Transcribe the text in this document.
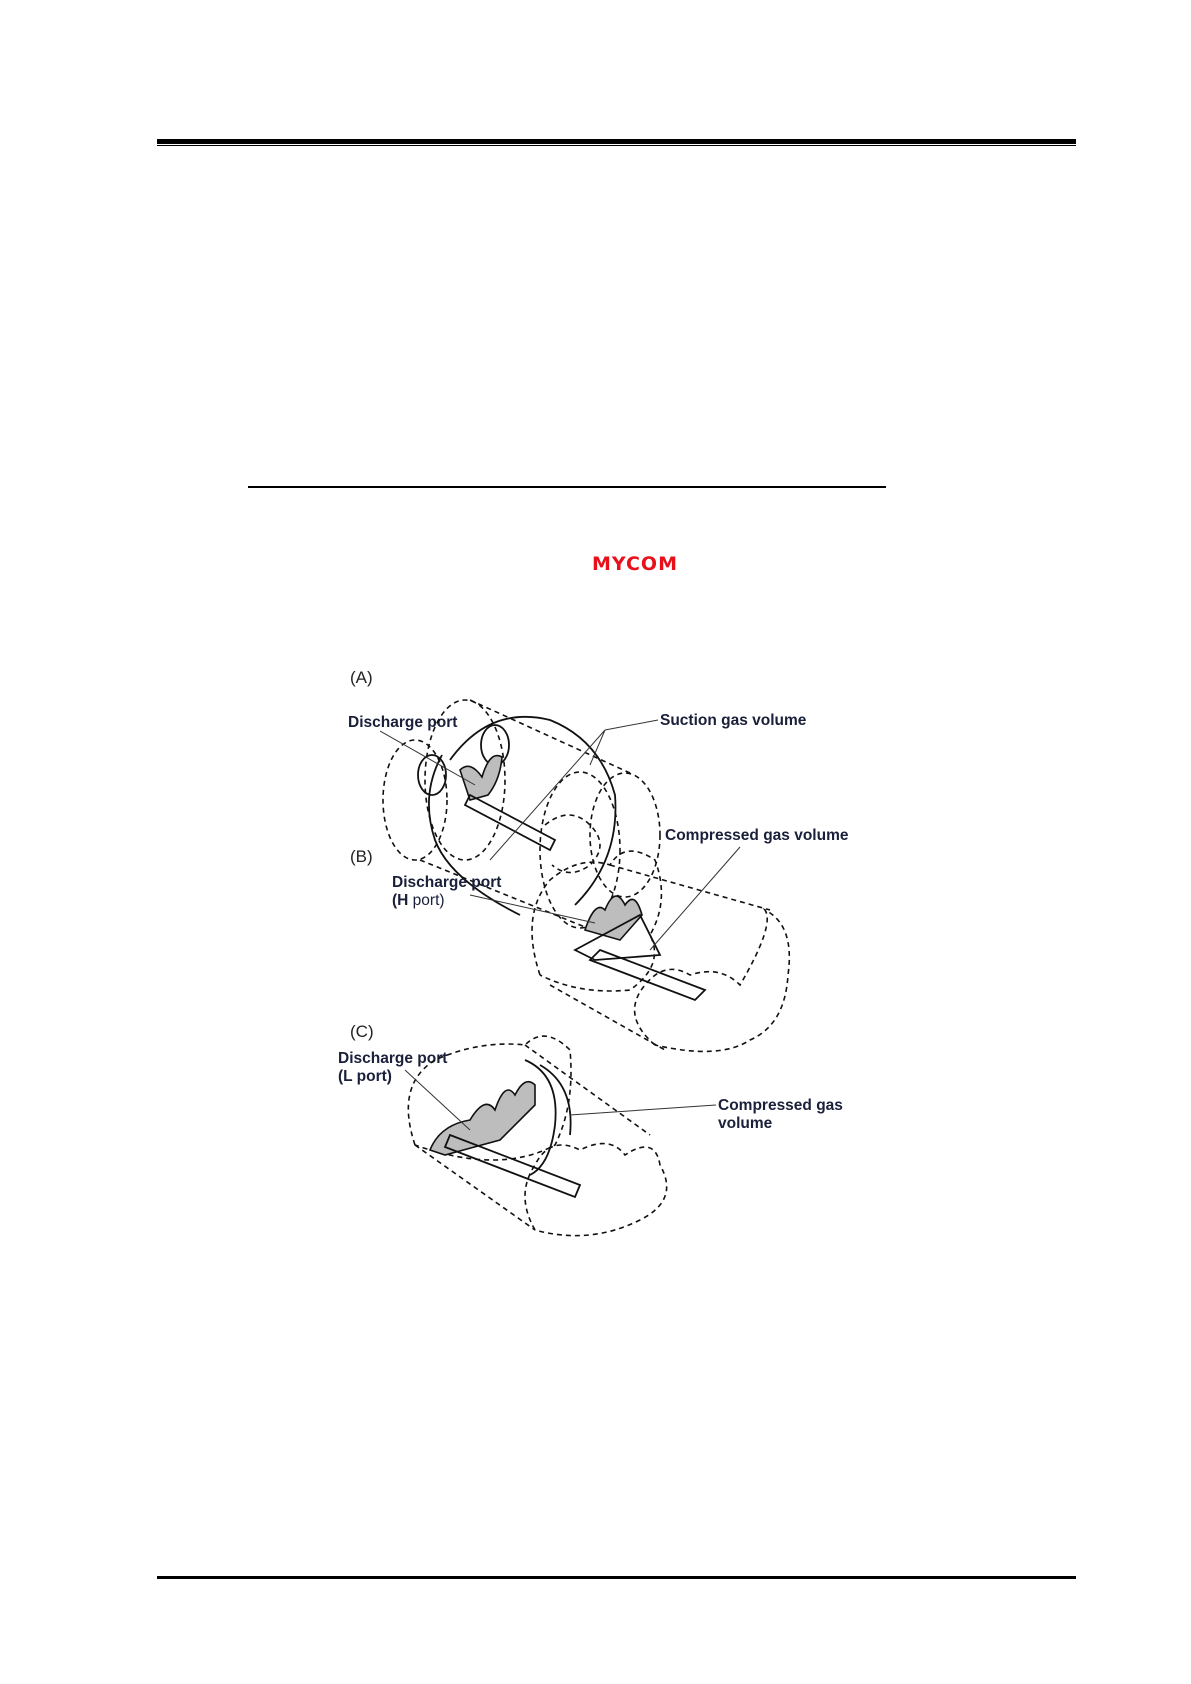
MYCOM
(A)
Discharge port	Suction gas volume
(B)
Compressed gas volume
Discharge port
(H port)
(C)
Discharge port
(L port)
Compressed gas
volume
